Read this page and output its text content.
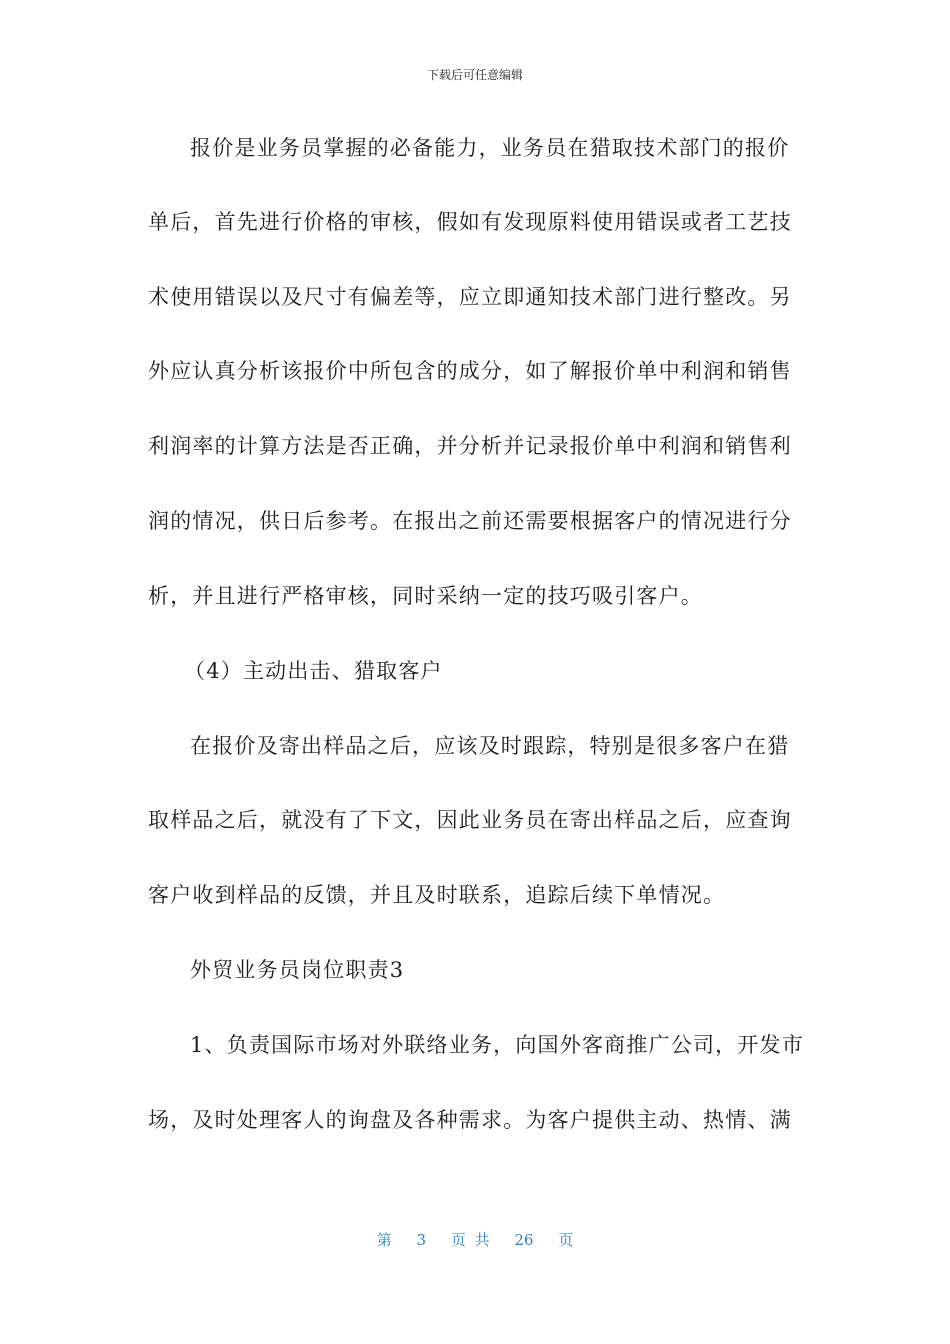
下载后可任意编辑
报价是业务员掌握的必备能力，业务员在猎取技术部门的报价
单后，首先进行价格的审核，假如有发现原料使用错误或者工艺技
术使用错误以及尺寸有偏差等，应立即通知技术部门进行整改。另
外应认真分析该报价中所包含的成分，如了解报价单中利润和销售
利润率的计算方法是否正确，并分析并记录报价单中利润和销售利
润的情况，供日后参考。在报出之前还需要根据客户的情况进行分
析，并且进行严格审核，同时采纳一定的技巧吸引客户。
（4）主动出击、猎取客户
在报价及寄出样品之后，应该及时跟踪，特别是很多客户在猎
取样品之后，就没有了下文，因此业务员在寄出样品之后，应查询
客户收到样品的反馈，并且及时联系，追踪后续下单情况。
外贸业务员岗位职责3
1、负责国际市场对外联络业务，向国外客商推广公司，开发市
场，及时处理客人的询盘及各种需求。为客户提供主动、热情、满
第 3 页 共 26 页
